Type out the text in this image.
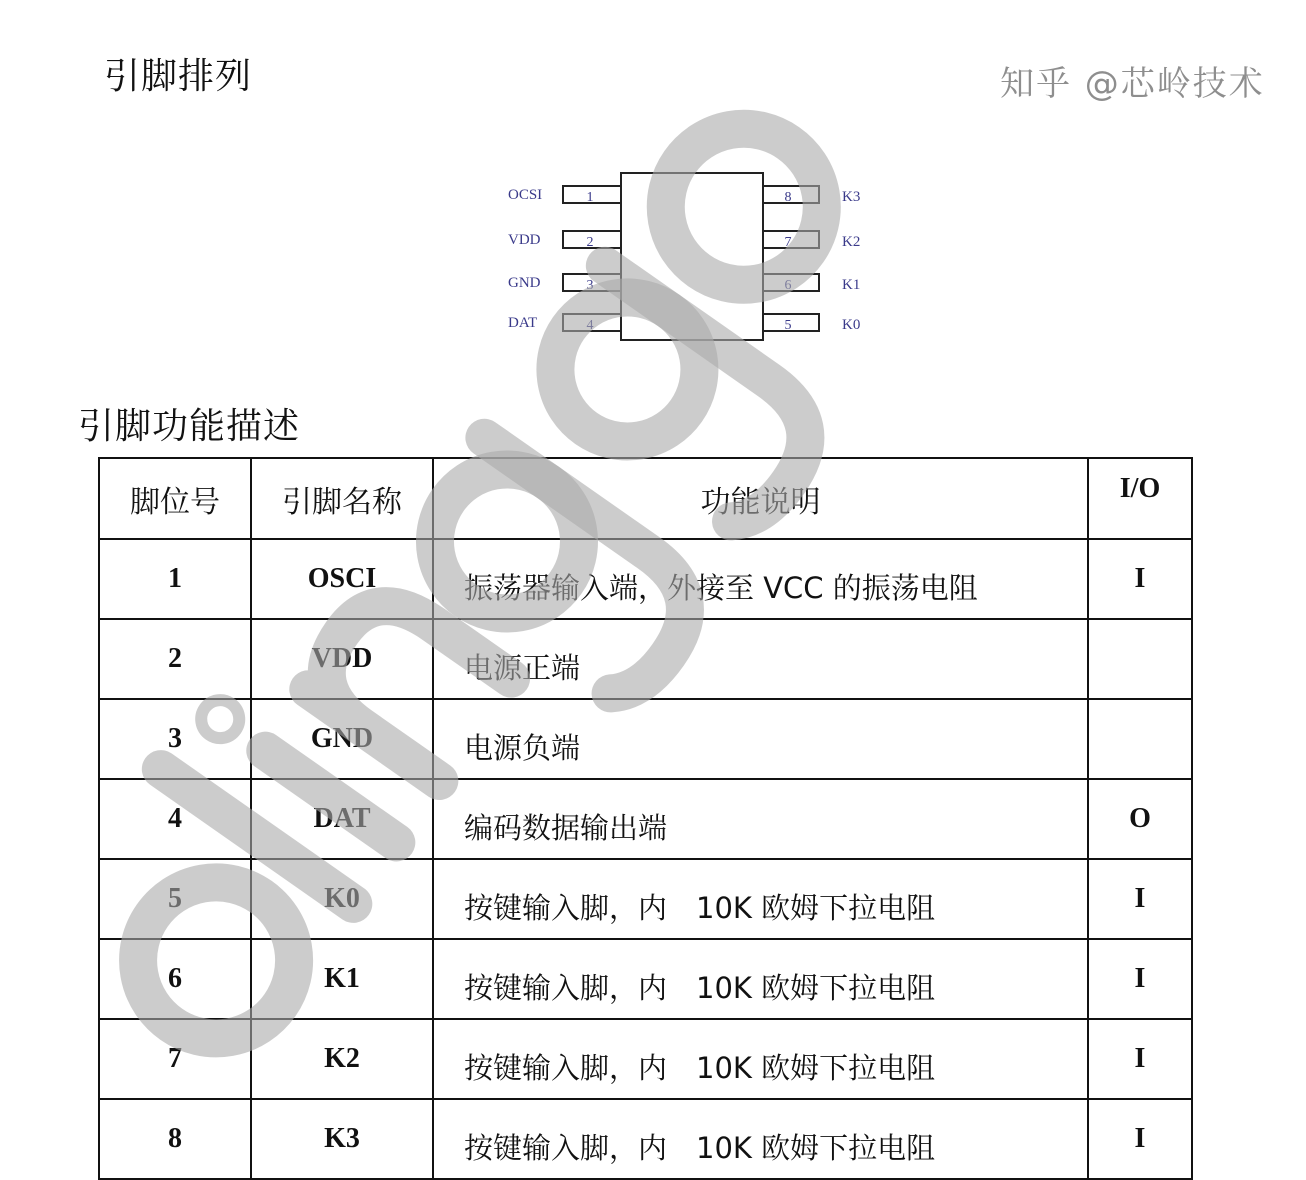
引脚排列
1
OCSI
2
VDD
3
GND
4
DAT
8	K3
7	K2
6	K1
5	K0
引脚功能描述
脚位号	引脚名称	功能说明	I/O
1	OSCI	振荡器输入端，外接至 VCC 的振荡电阻	I
2	VDD	电源正端	
3	GND	电源负端	
4	DAT	编码数据输出端	O
5	K0	按键输入脚，内　10K 欧姆下拉电阻	I
6	K1	按键输入脚，内　10K 欧姆下拉电阻	I
7	K2	按键输入脚，内　10K 欧姆下拉电阻	I
8	K3	按键输入脚，内　10K 欧姆下拉电阻	I
知乎 @芯岭技术
